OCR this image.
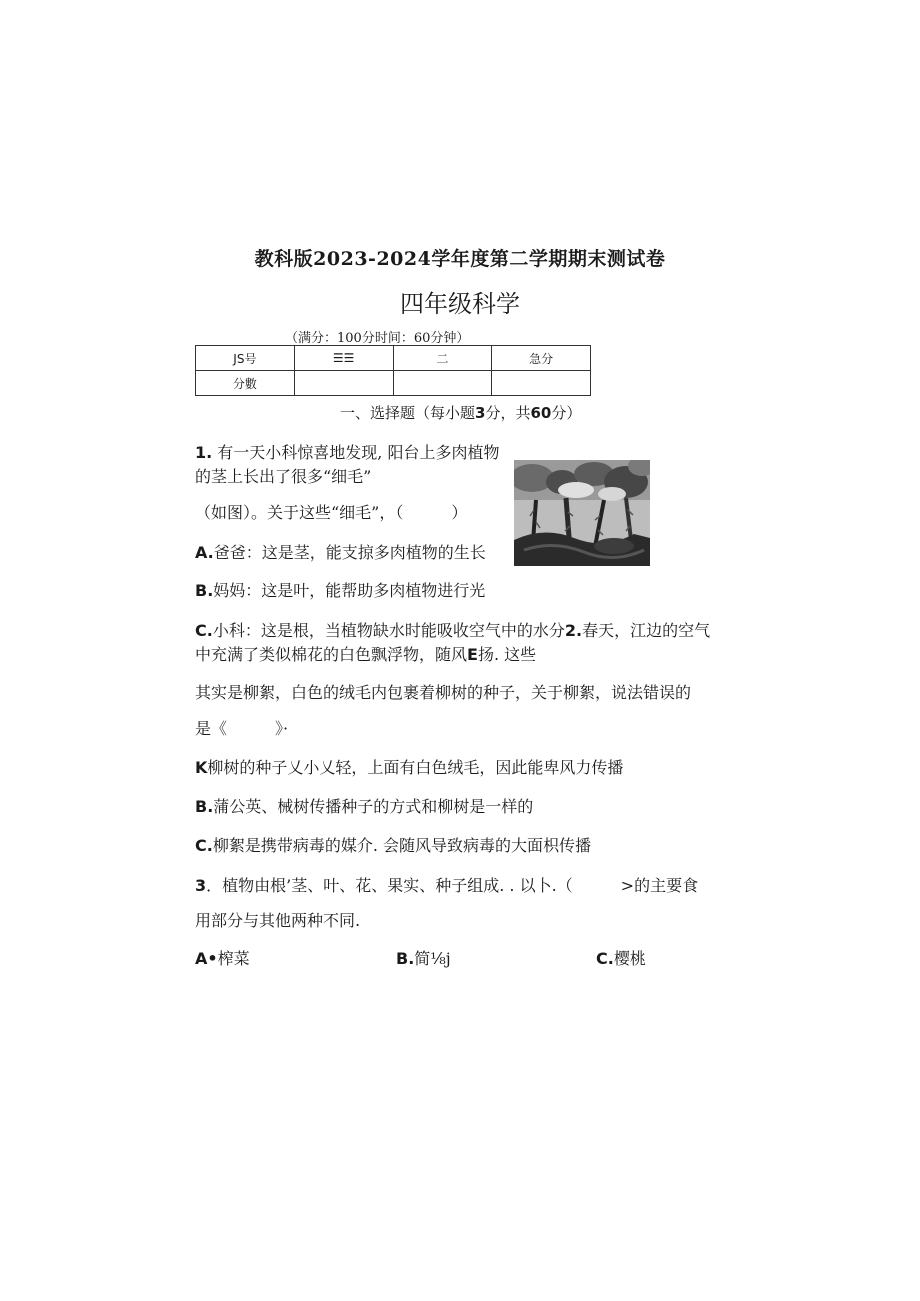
教科版2023-2024学年度第二学期期末测试卷
四年级科学
（满分：100分时间：60分钟）
JS号	☰☰	二	急分
分數			
一、选择题（每小题3分，共60分）
1. 有一天小科惊喜地发现, 阳台上多肉植物
的茎上长出了很多“细毛”
（如图）。关于这些“细毛”，（　　　）
A.爸爸：这是茎，能支掠多肉植物的生长
B.妈妈：这是叶，能帮助多肉植物进行光
C.小科：这是根，当植物缺水时能吸收空气中的水分2.春天，江边的空气
中充满了类似棉花的白色飘浮物，随风E扬. 这些
其实是柳絮，白色的绒毛内包裹着柳树的种子，关于柳絮，说法错误的
是《　　　》·
K柳树的种子乂小乂轻，上面有白色绒毛，因此能卑风力传播
B.蒲公英、械树传播种子的方式和柳树是一样的
C.柳絮是携带病毒的媒介. 会随风导致病毒的大面枳传播
3．植物由根’茎、叶、花、果实、种子组成. . 以卜.（　　　>的主要食
用部分与其他两种不同.
A•榨菜	B.简⅛j	C.樱桃
